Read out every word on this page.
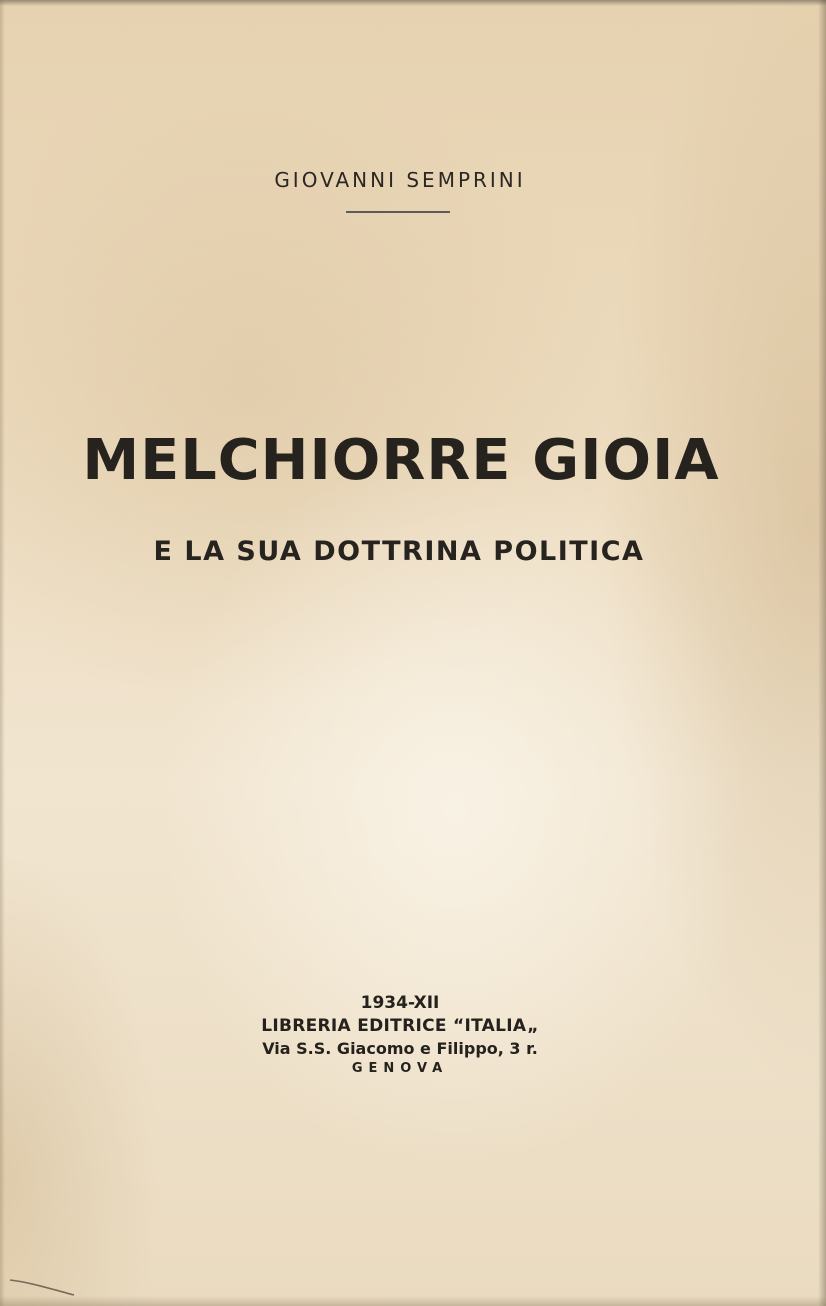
GIOVANNI SEMPRINI
MELCHIORRE GIOIA
E LA SUA DOTTRINA POLITICA
1934-XII
LIBRERIA EDITRICE “ITALIA„
Via S.S. Giacomo e Filippo, 3 r.
GENOVA
